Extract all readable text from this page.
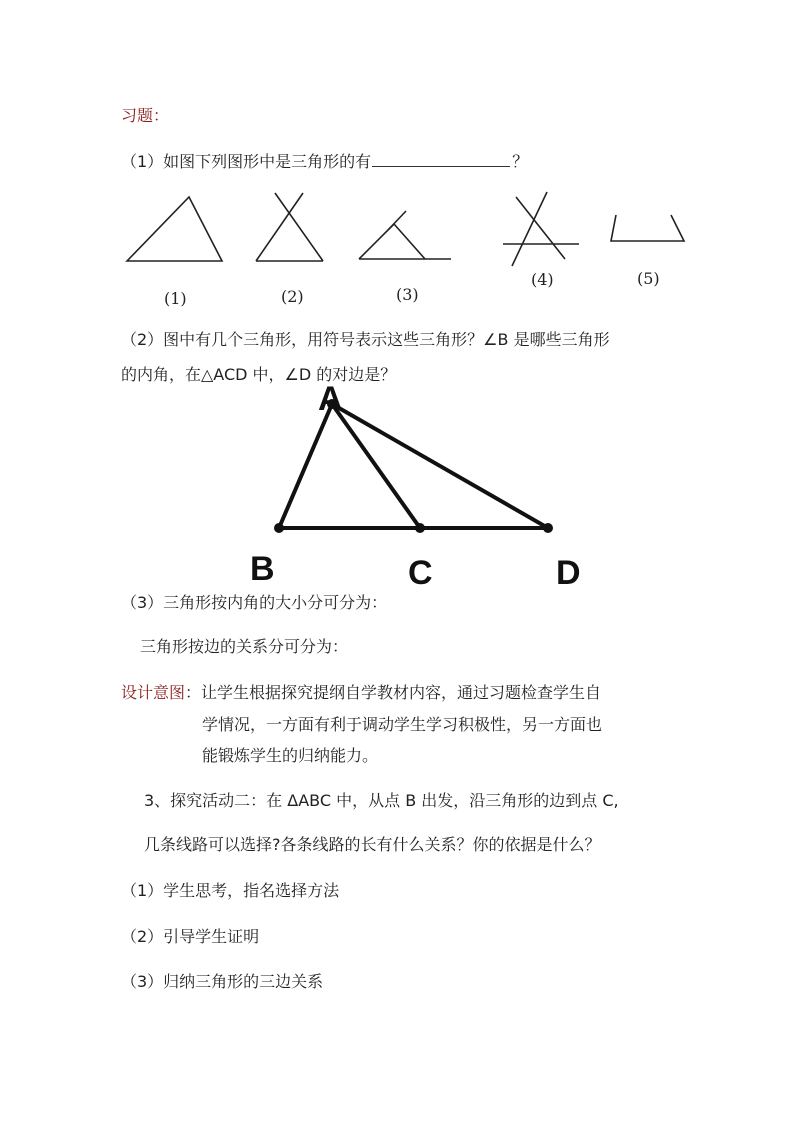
习题：
（1）如图下列图形中是三角形的有	？
(1)	(2)	(3)
(4)	(5)
A
B	C	D
（2）图中有几个三角形，用符号表示这些三角形？∠B 是哪些三角形
的内角，在△ACD 中，∠D 的对边是？
（3）三角形按内角的大小分可分为：
三角形按边的关系分可分为：
设计意图：让学生根据探究提纲自学教材内容，通过习题检查学生自
学情况，一方面有利于调动学生学习积极性，另一方面也
能锻炼学生的归纳能力。
3、探究活动二：在 ΔABC 中，从点 B 出发，沿三角形的边到点 C,
几条线路可以选择?各条线路的长有什么关系？你的依据是什么？
（1）学生思考，指名选择方法
（2）引导学生证明
（3）归纳三角形的三边关系
